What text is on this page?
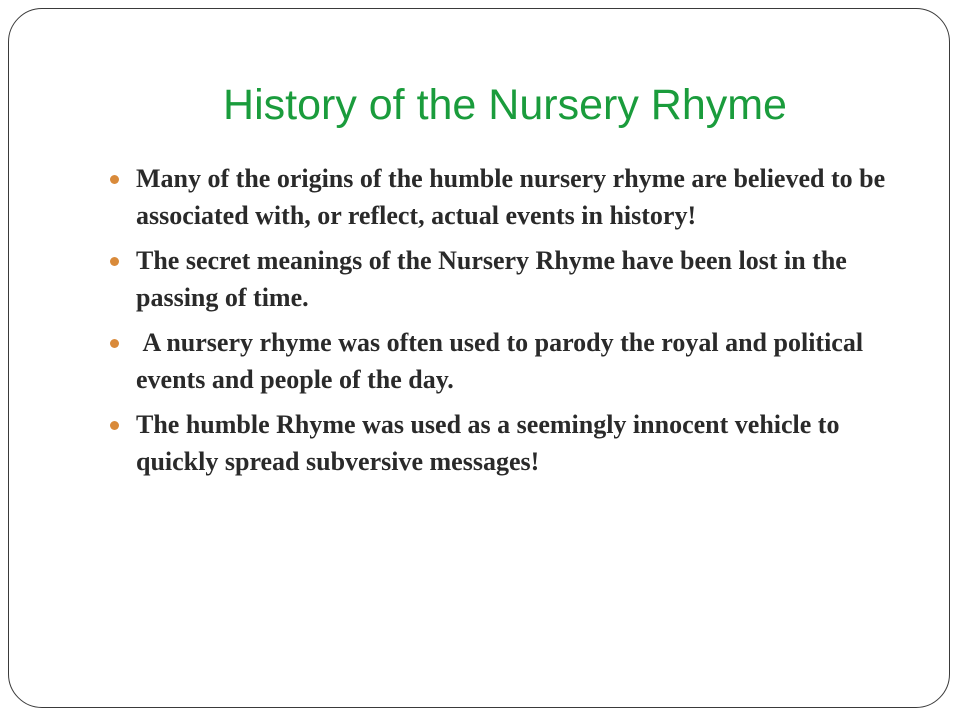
History of the Nursery Rhyme
Many of the origins of the humble nursery rhyme are believed to be associated with, or reflect, actual events in history!
The secret meanings of the Nursery Rhyme have been lost in the passing of time.
A nursery rhyme was often used to parody the royal and political events and people of the day.
The humble Rhyme was used as a seemingly innocent vehicle to quickly spread subversive messages!
